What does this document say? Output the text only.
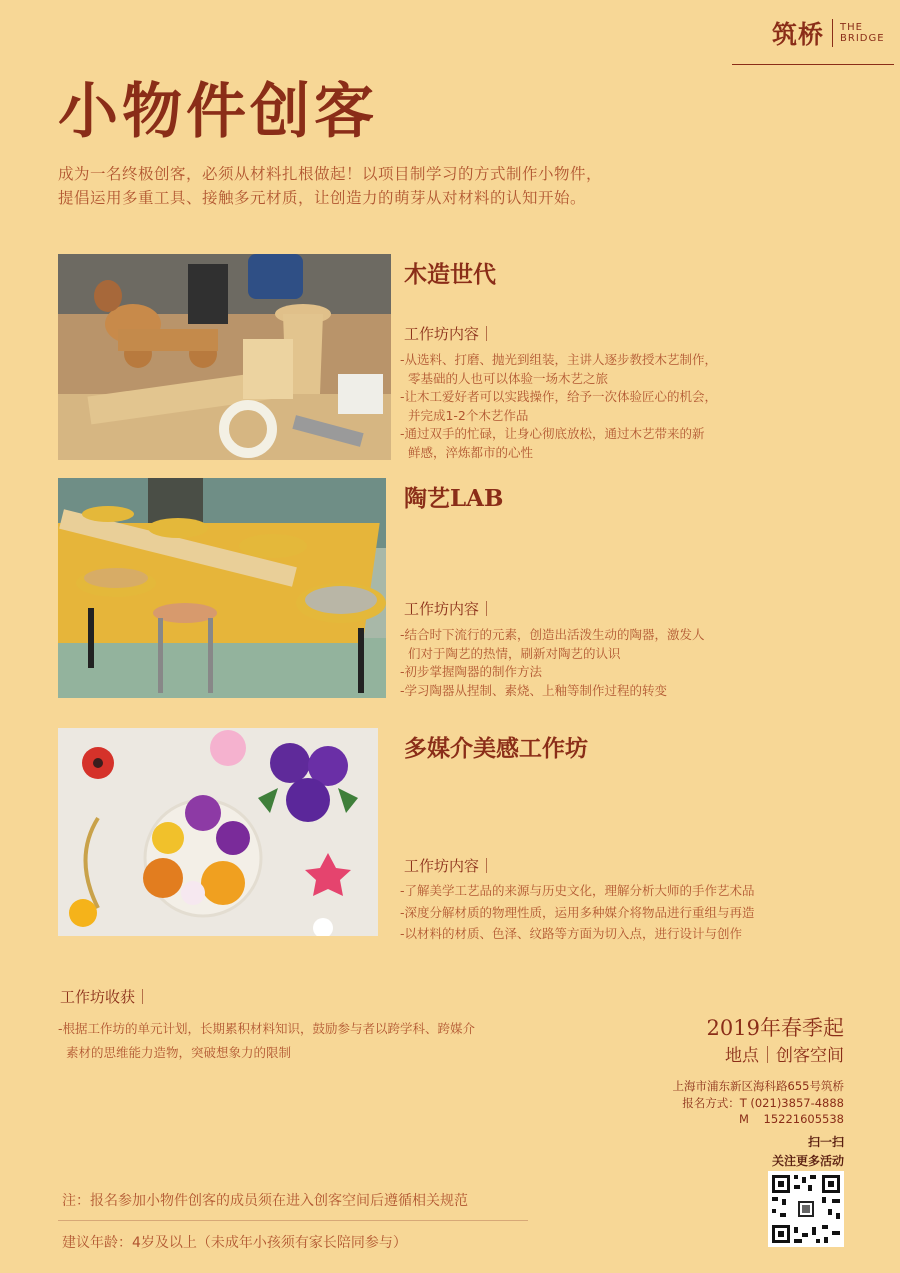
筑桥 THE
BRIDGE
小物件创客
成为一名终极创客，必须从材料扎根做起！以项目制学习的方式制作小物件，
提倡运用多重工具、接触多元材质，让创造力的萌芽从对材料的认知开始。
木造世代
工作坊内容｜
-从选料、打磨、抛光到组装，主讲人逐步教授木艺制作，
零基础的人也可以体验一场木艺之旅
-让木工爱好者可以实践操作，给予一次体验匠心的机会，
并完成1-2个木艺作品
-通过双手的忙碌，让身心彻底放松，通过木艺带来的新
鲜感，淬炼都市的心性
陶艺LAB
工作坊内容｜
-结合时下流行的元素，创造出活泼生动的陶器，激发人
们对于陶艺的热情，刷新对陶艺的认识
-初步掌握陶器的制作方法
-学习陶器从捏制、素烧、上釉等制作过程的转变
多媒介美感工作坊
工作坊内容｜
-了解美学工艺品的来源与历史文化，理解分析大师的手作艺术品
-深度分解材质的物理性质，运用多种媒介将物品进行重组与再造
-以材料的材质、色泽、纹路等方面为切入点，进行设计与创作
工作坊收获｜
-根据工作坊的单元计划，长期累积材料知识，鼓励参与者以跨学科、跨媒介
素材的思维能力造物，突破想象力的限制
2019年春季起
地点｜创客空间
上海市浦东新区海科路655号筑桥
报名方式：T (021)3857-4888
M    15221605538
扫一扫
关注更多活动
注：报名参加小物件创客的成员须在进入创客空间后遵循相关规范
建议年龄：4岁及以上（未成年小孩须有家长陪同参与）
